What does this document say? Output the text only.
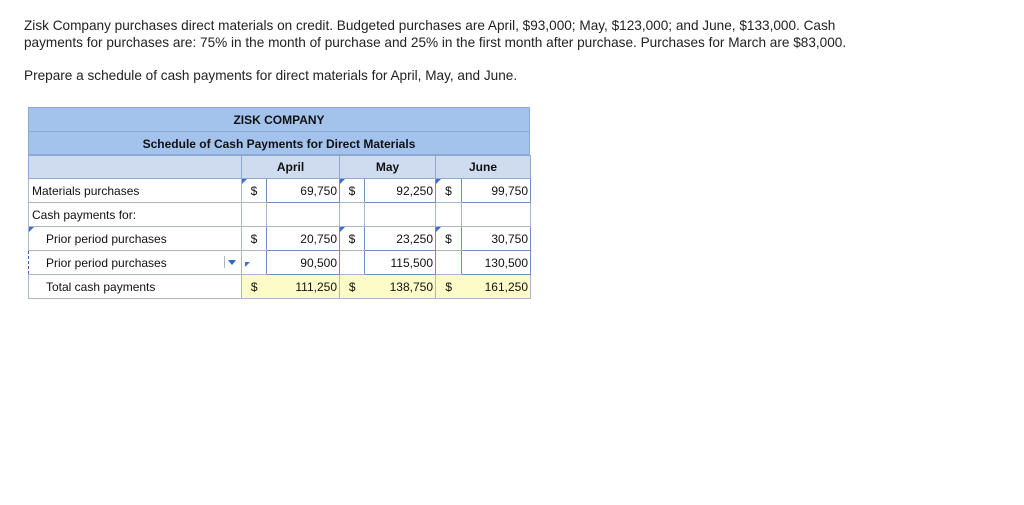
Zisk Company purchases direct materials on credit. Budgeted purchases are April, $93,000; May, $123,000; and June, $133,000. Cash
payments for purchases are: 75% in the month of purchase and 25% in the first month after purchase. Purchases for March are $83,000.
Prepare a schedule of cash payments for direct materials for April, May, and June.
ZISK COMPANY
Schedule of Cash Payments for Direct Materials
	April		May		June	
Materials purchases	$	69,750	$	92,250	$	99,750
Cash payments for:						

Prior period purchases	$	20,750	$	23,250	$	30,750
Prior period purchases		90,500		115,500		130,500
Total cash payments	$	111,250	$	138,750	$	161,250
